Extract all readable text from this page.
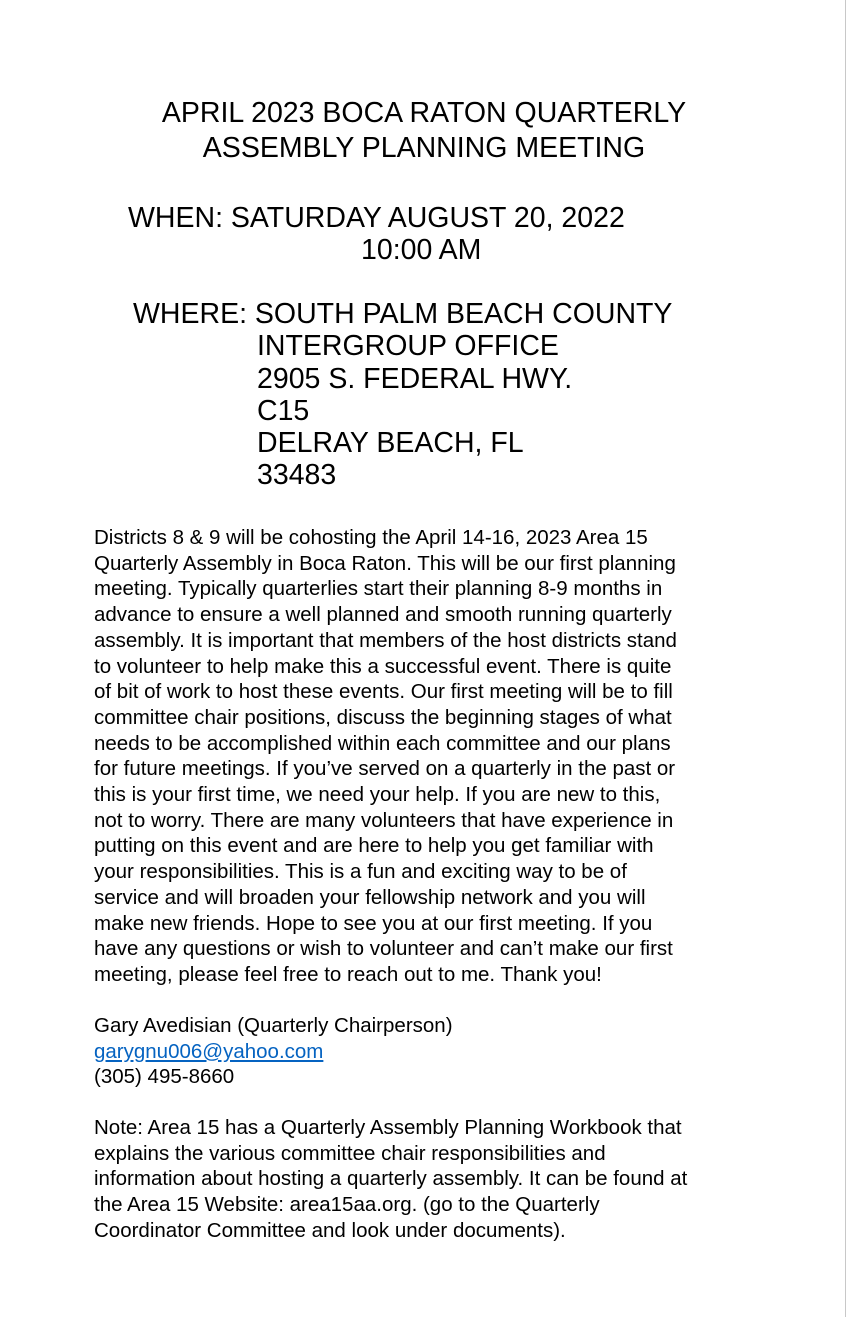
APRIL 2023 BOCA RATON QUARTERLY
ASSEMBLY PLANNING MEETING
WHEN: SATURDAY AUGUST 20, 2022
10:00 AM
WHERE: SOUTH PALM BEACH COUNTY
INTERGROUP OFFICE
2905 S. FEDERAL HWY.
C15
DELRAY BEACH, FL
33483
Districts 8 & 9 will be cohosting the April 14-16, 2023 Area 15
Quarterly Assembly in Boca Raton. This will be our first planning
meeting. Typically quarterlies start their planning 8-9 months in
advance to ensure a well planned and smooth running quarterly
assembly. It is important that members of the host districts stand
to volunteer to help make this a successful event. There is quite
of bit of work to host these events. Our first meeting will be to fill
committee chair positions, discuss the beginning stages of what
needs to be accomplished within each committee and our plans
for future meetings. If you’ve served on a quarterly in the past or
this is your first time, we need your help. If you are new to this,
not to worry. There are many volunteers that have experience in
putting on this event and are here to help you get familiar with
your responsibilities. This is a fun and exciting way to be of
service and will broaden your fellowship network and you will
make new friends. Hope to see you at our first meeting. If you
have any questions or wish to volunteer and can’t make our first
meeting, please feel free to reach out to me. Thank you!
Gary Avedisian (Quarterly Chairperson)
garygnu006@yahoo.com
(305) 495-8660
Note: Area 15 has a Quarterly Assembly Planning Workbook that
explains the various committee chair responsibilities and
information about hosting a quarterly assembly. It can be found at
the Area 15 Website: area15aa.org. (go to the Quarterly
Coordinator Committee and look under documents).
